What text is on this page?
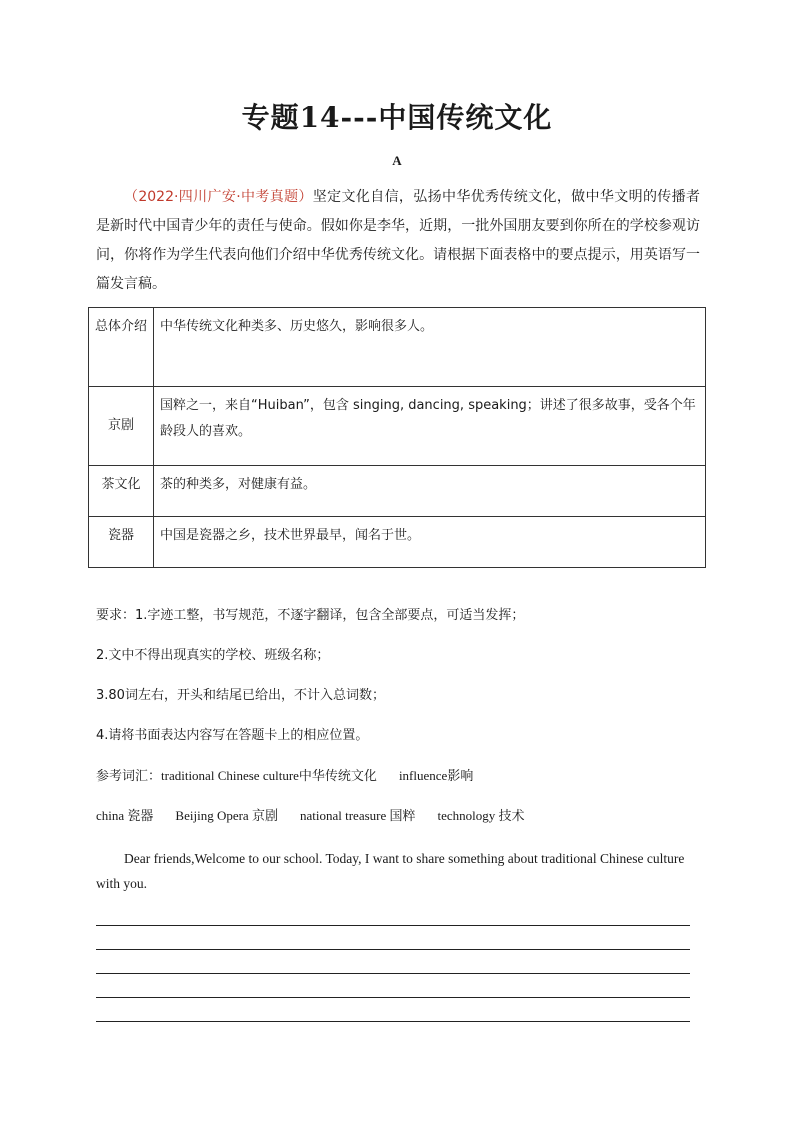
专题14---中国传统文化
A
（2022·四川广安·中考真题）坚定文化自信，弘扬中华优秀传统文化，做中华文明的传播者是新时代中国青少年的责任与使命。假如你是李华，近期，一批外国朋友要到你所在的学校参观访问，你将作为学生代表向他们介绍中华优秀传统文化。请根据下面表格中的要点提示，用英语写一篇发言稿。
总体介绍	中华传统文化种类多、历史悠久，影响很多人。
京剧	国粹之一，来自“Huiban”，包含 singing, dancing, speaking；讲述了很多故事，受各个年龄段人的喜欢。
茶文化	茶的种类多，对健康有益。
瓷器	中国是瓷器之乡，技术世界最早，闻名于世。

要求：1.字迹工整，书写规范，不逐字翻译，包含全部要点，可适当发挥；

2.文中不得出现真实的学校、班级名称；

3.80词左右，开头和结尾已给出，不计入总词数；

4.请将书面表达内容写在答题卡上的相应位置。

参考词汇：traditional Chinese culture中华传统文化 influence影响

china 瓷器 Beijing Opera 京剧 national treasure 国粹 technology 技术

Dear friends,Welcome to our school. Today, I want to share something about traditional Chinese culture with you.
